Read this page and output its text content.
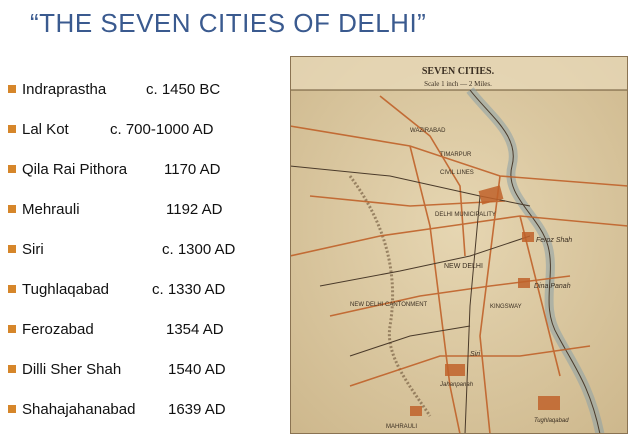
“THE SEVEN CITIES OF DELHI”
Indraprastha	c. 1450 BC
Lal Kot	c. 700-1000 AD
Qila Rai Pithora 1170 AD
Mehrauli	1192 AD
Siri	c. 1300 AD
Tughlaqabad	c. 1330 AD
Ferozabad	1354 AD
Dilli Sher Shah	1540 AD
Shahajahanabad 1639 AD
SEVEN CITIES.
Scale 1 inch — 2 Miles.
WAZIRABAD
TIMARPUR
CIVIL LINES
DELHI MUNICIPALITY
Feroz Shah
NEW DELHI
NEW DELHI CANTONMENT	KINGSWAY
Dina Panah
Siri
Jahanpanah
MAHRAULI
Tughlaqabad
